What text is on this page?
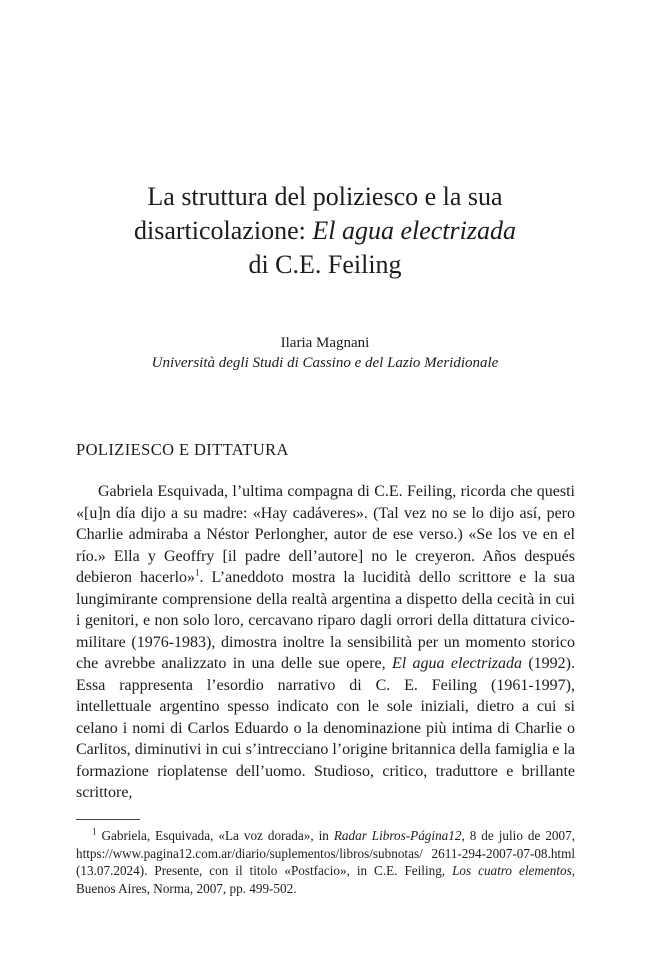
La struttura del poliziesco e la sua
disarticolazione: El agua electrizada
di C.E. Feiling
Ilaria Magnani
Università degli Studi di Cassino e del Lazio Meridionale
POLIZIESCO E DITTATURA

Gabriela Esquivada, l’ultima compagna di C.E. Feiling, ricorda che questi «[u]n día dijo a su madre: «Hay cadáveres». (Tal vez no se lo dijo así, pero Charlie admiraba a Néstor Perlongher, autor de ese verso.) «Se los ve en el río.» Ella y Geoffry [il padre dell’autore] no le creyeron. Años después debieron hacerlo»$^1$. L’aneddoto mostra la lucidità dello scrittore e la sua lungimirante comprensione della realtà argentina a dispetto della cecità in cui i genitori, e non solo loro, cercavano riparo dagli orrori della dittatura civico-militare (1976-1983), dimostra inoltre la sensibilità per un momento storico che avrebbe analizzato in una delle sue opere, El agua electrizada (1992). Essa rappresenta l’esordio narrativo di C. E. Feiling (1961-1997), intellettuale argentino spesso indicato con le sole iniziali, dietro a cui si celano i nomi di Carlos Eduardo o la denominazione più intima di Charlie o Carlitos, diminutivi in cui s’intrecciano l’origine britannica della famiglia e la formazione rioplatense dell’uomo. Studioso, critico, traduttore e brillante scrittore,

$^1$ Gabriela, Esquivada, «La voz dorada», in Radar Libros-Página12, 8 de julio de 2007, https://www.pagina12.com.ar/diario/suplementos/libros/subnotas/ 2611-294-2007-07-08.html (13.07.2024). Presente, con il titolo «Postfacio», in C.E. Feiling, Los cuatro elementos, Buenos Aires, Norma, 2007, pp. 499-502.
